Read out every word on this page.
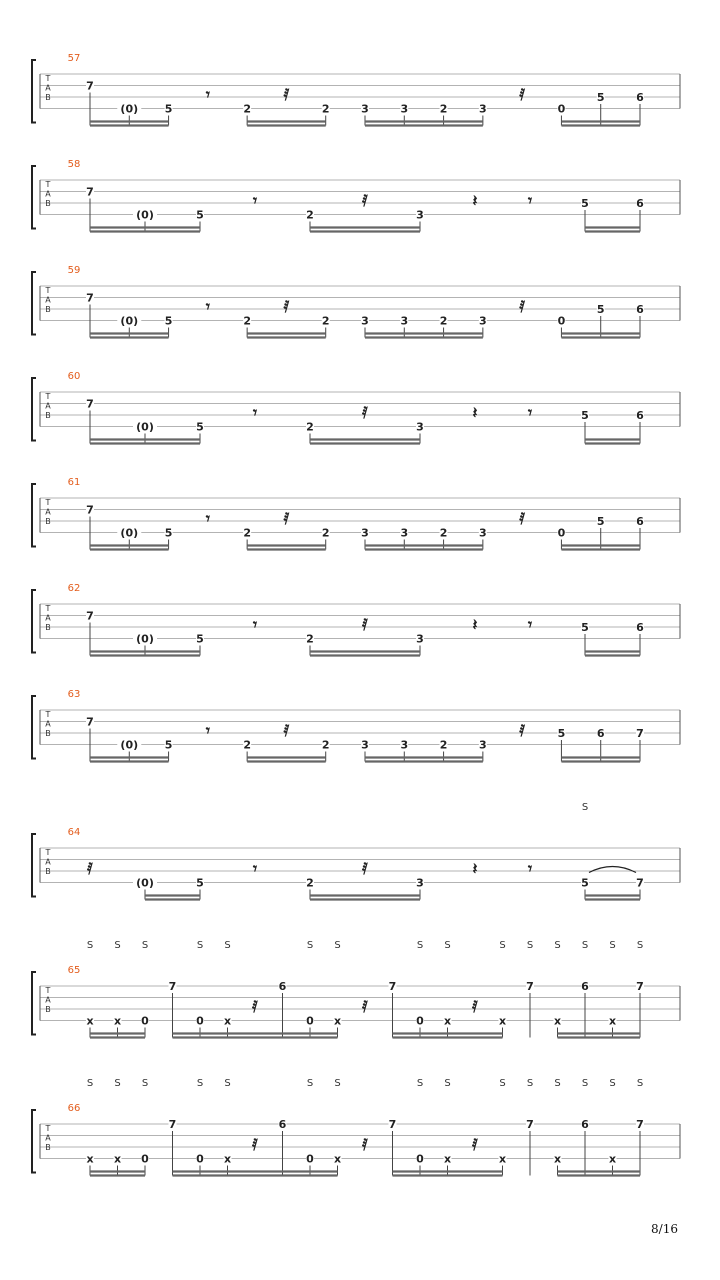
T
A
B
57
7
(0) 5
𝄾
2
𝅀
2	3	3	2	3
𝅀
0
5	6
T
A
B
58
7
(0)	5
𝄾
2
𝅀
3
𝄽	𝄾	5	6
T
A
B
59
7
(0) 5
𝄾
2
𝅀
2	3	3	2	3
𝅀
0
5	6
T
A
B
60
7
(0)	5
𝄾
2
𝅀
3
𝄽	𝄾	5	6
T
A
B
61
7
(0) 5
𝄾
2
𝅀
2	3	3	2	3
𝅀
0
5	6
T
A
B
62
7
(0)	5
𝄾
2
𝅀
3
𝄽	𝄾	5	6
T
A
B
63
7
(0) 5
𝄾
2
𝅀
2	3	3	2	3
𝅀	5	6	7
T
A
B
64
𝅀
(0)	5
𝄾
2
𝅀
3
𝄽	𝄾
5
S
7
T
A
B
65
x
S
x
S
0
S
7
0
S
x
S
𝅀
6
0
S
x
S
𝅀
7
0
S
x
S
𝅀
x
S
7
S
x
S
6
S
x
S
7
S
T
A
B
66
x
S
x
S
0
S
7
0
S
x
S
𝅀
6
0
S
x
S
𝅀
7
0
S
x
S
𝅀
x
S
7
S
x
S
6
S
x
S
7
S
8/16
